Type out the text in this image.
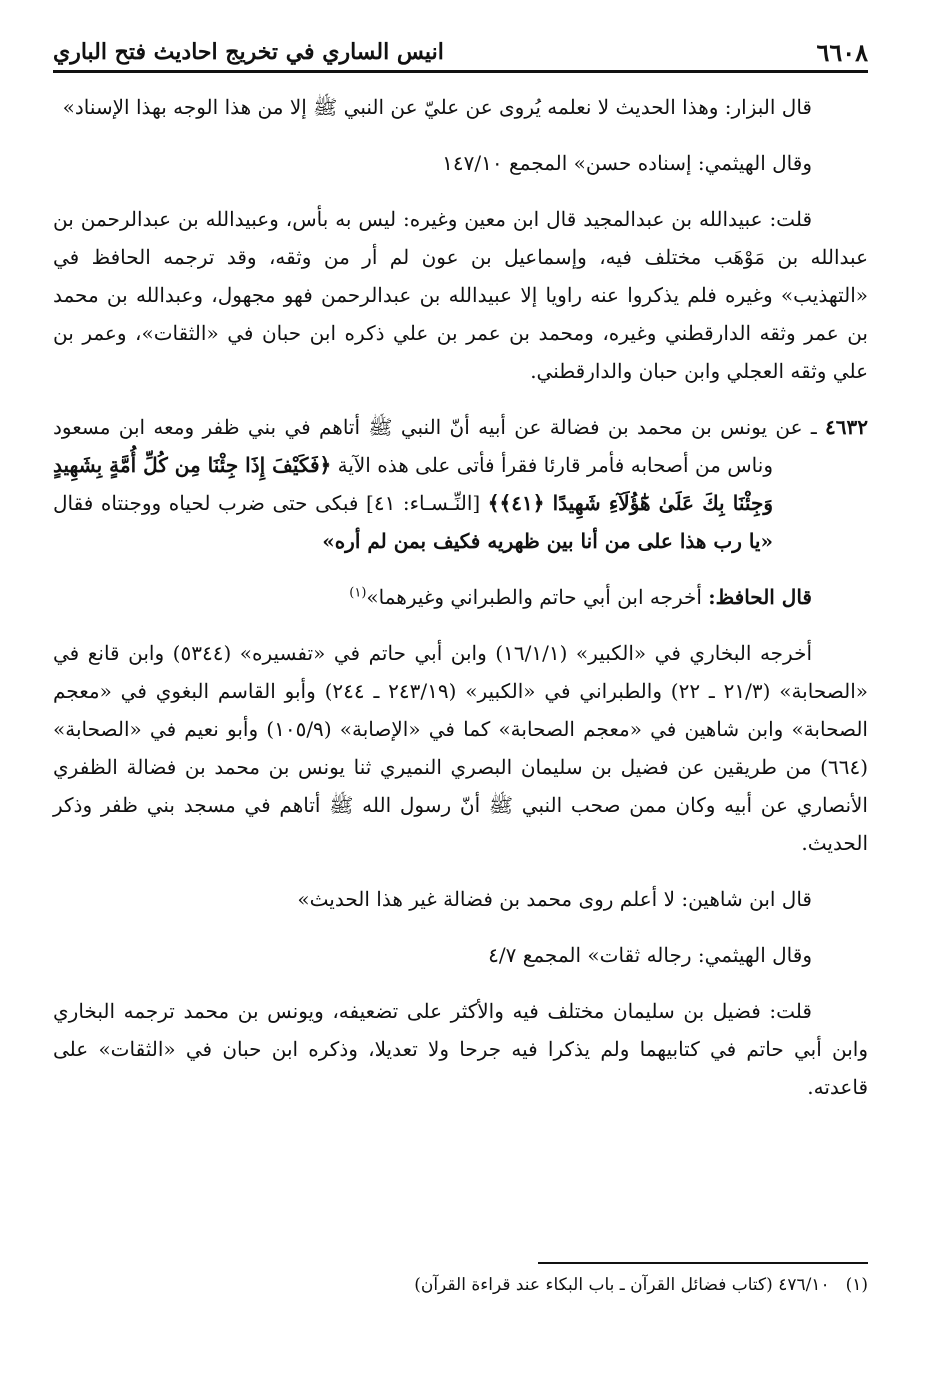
٦٦٠٨
انيس الساري في تخريج احاديث فتح الباري

قال البزار: وهذا الحديث لا نعلمه يُروى عن عليّ عن النبي ﷺ إلا من هذا الوجه بهذا الإسناد»

وقال الهيثمي: إسناده حسن» المجمع ١٤٧/١٠

قلت: عبيدالله بن عبدالمجيد قال ابن معين وغيره: ليس به بأس، وعبيدالله بن عبدالرحمن بن عبدالله بن مَوْهَب مختلف فيه، وإسماعيل بن عون لم أر من وثقه، وقد ترجمه الحافظ في «التهذيب» وغيره فلم يذكروا عنه راويا إلا عبيدالله بن عبدالرحمن فهو مجهول، وعبدالله بن محمد بن عمر وثقه الدارقطني وغيره، ومحمد بن عمر بن علي ذكره ابن حبان في «الثقات»، وعمر بن علي وثقه العجلي وابن حبان والدارقطني.

٤٦٣٢ ـ عن يونس بن محمد بن فضالة عن أبيه أنّ النبي ﷺ أتاهم في بني ظفر ومعه ابن مسعود وناس من أصحابه فأمر قارئا فقرأ فأتى على هذه الآية ﴿فَكَيْفَ إِذَا جِئْنَا مِن كُلِّ أُمَّةٍ بِشَهِيدٍ وَجِئْنَا بِكَ عَلَىٰ هَٰٓؤُلَآءِ شَهِيدًا ﴿٤١﴾﴾ [النِّـسـاء: ٤١] فبكى حتى ضرب لحياه ووجنتاه فقال «يا رب هذا على من أنا بين ظهريه فكيف بمن لم أره»

قال الحافظ: أخرجه ابن أبي حاتم والطبراني وغيرهما»$^{(١)}$

أخرجه البخاري في «الكبير» (١٦/١/١) وابن أبي حاتم في «تفسيره» (٥٣٤٤) وابن قانع في «الصحابة» (٢١/٣ ـ ٢٢) والطبراني في «الكبير» (٢٤٣/١٩ ـ ٢٤٤) وأبو القاسم البغوي في «معجم الصحابة» وابن شاهين في «معجم الصحابة» كما في «الإصابة» (١٠٥/٩) وأبو نعيم في «الصحابة» (٦٦٤) من طريقين عن فضيل بن سليمان البصري النميري ثنا يونس بن محمد بن فضالة الظفري الأنصاري عن أبيه وكان ممن صحب النبي ﷺ أنّ رسول الله ﷺ أتاهم في مسجد بني ظفر وذكر الحديث.

قال ابن شاهين: لا أعلم روى محمد بن فضالة غير هذا الحديث»

وقال الهيثمي: رجاله ثقات» المجمع ٤/٧

قلت: فضيل بن سليمان مختلف فيه والأكثر على تضعيفه، ويونس بن محمد ترجمه البخاري وابن أبي حاتم في كتابيهما ولم يذكرا فيه جرحا ولا تعديلا، وذكره ابن حبان في «الثقات» على قاعدته.

(١)٤٧٦/١٠ (كتاب فضائل القرآن ـ باب البكاء عند قراءة القرآن)
